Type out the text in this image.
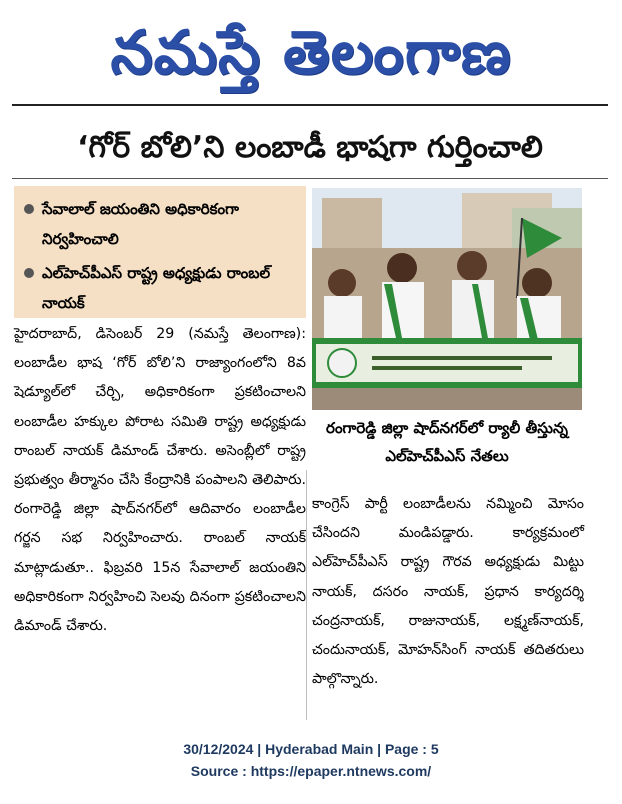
నమస్తే తెలంగాణ
‘గోర్ బోలి’ని లంబాడీ భాషగా గుర్తించాలి
సేవాలాల్ జయంతిని అధికారికంగా నిర్వహించాలి
ఎల్‌హెచ్‌పీఎస్ రాష్ట్ర అధ్యక్షుడు రాంబల్ నాయక్
రంగారెడ్డి జిల్లా షాద్‌నగర్‌లో ర్యాలీ తీస్తున్న ఎల్‌హెచ్‌పీఎస్ నేతలు

హైదరాబాద్, డిసెంబర్ 29 (నమస్తే తెలంగాణ): లంబాడీల భాష ‘గోర్ బోలి’ని రాజ్యాంగంలోని 8వ షెడ్యూల్‌లో చేర్చి, అధికారికంగా ప్రకటించాలని లంబాడీల హక్కుల పోరాట సమితి రాష్ట్ర అధ్యక్షుడు రాంబల్ నాయక్ డిమాండ్ చేశారు. అసెంబ్లీలో రాష్ట్ర ప్రభుత్వం తీర్మానం చేసి కేంద్రానికి పంపాలని తెలిపారు. రంగారెడ్డి జిల్లా షాద్‌నగర్‌లో ఆదివారం లంబాడీల గర్జన సభ నిర్వహించారు. రాంబల్ నాయక్ మాట్లాడుతూ.. ఫిబ్రవరి 15న సేవాలాల్ జయంతిని అధికారికంగా నిర్వహించి సెలవు దినంగా ప్రకటించాలని డిమాండ్ చేశారు.

కాంగ్రెస్ పార్టీ లంబాడీలను నమ్మించి మోసం చేసిందని మండిపడ్డారు. కార్యక్రమంలో ఎల్‌హెచ్‌పీఎస్ రాష్ట్ర గౌరవ అధ్యక్షుడు మిట్టు నాయక్, దసరం నాయక్, ప్రధాన కార్యదర్శి చంద్రనాయక్, రాజునాయక్, లక్ష్మణ్‌నాయక్, చందునాయక్, మోహన్‌సింగ్ నాయక్ తదితరులు పాల్గొన్నారు.

30/12/2024 | Hyderabad Main | Page : 5
Source : https://epaper.ntnews.com/
